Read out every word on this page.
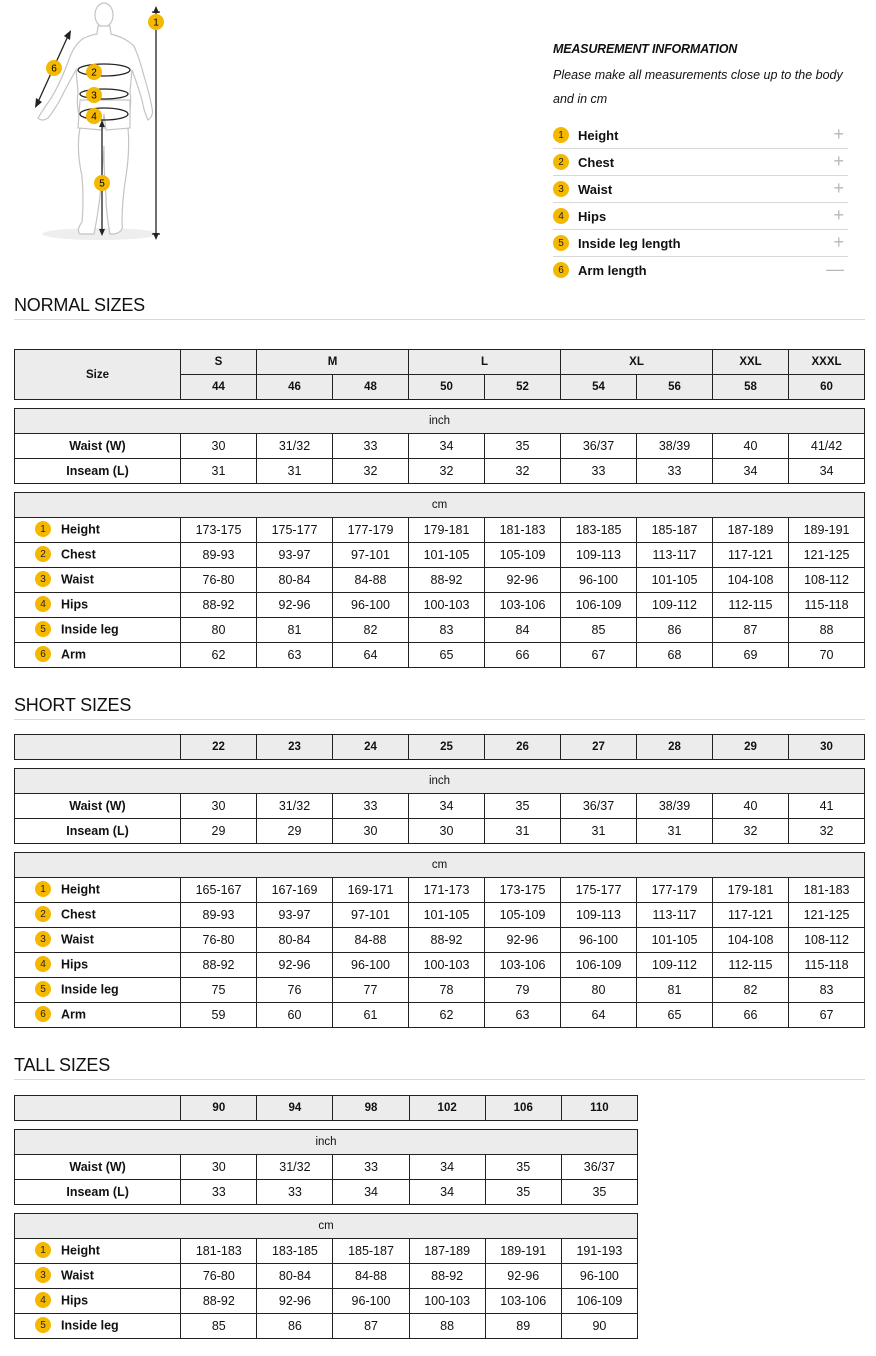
1
2
3
4
5
6

MEASUREMENT INFORMATION

Please make all measurements close up to the body and in cm

1	Height	+
2	Chest	+
3	Waist	+
4	Hips	+
5	Inside leg length	+
6	Arm length	—
NORMAL SIZES
SHORT SIZES
TALL SIZES
Size	S	M		L		XL		XXL	XXXL
	44	46	48	50	52	54	56	58	60
inch									
Waist (W)	30	31/32	33	34	35	36/37	38/39	40	41/42
Inseam (L)	31	31	32	32	32	33	33	34	34
cm									
1 Height	173-175	175-177	177-179	179-181	181-183	183-185	185-187	187-189	189-191
2 Chest	89-93	93-97	97-101	101-105	105-109	109-113	113-117	117-121	121-125
3 Waist	76-80	80-84	84-88	88-92	92-96	96-100	101-105	104-108	108-112
4 Hips	88-92	92-96	96-100	100-103	103-106	106-109	109-112	112-115	115-118
5 Inside leg	80	81	82	83	84	85	86	87	88
6 Arm	62	63	64	65	66	67	68	69	70
	22	23	24	25	26	27	28	29	30
inch									
Waist (W)	30	31/32	33	34	35	36/37	38/39	40	41
Inseam (L)	29	29	30	30	31	31	31	32	32
cm									
1 Height	165-167	167-169	169-171	171-173	173-175	175-177	177-179	179-181	181-183
2 Chest	89-93	93-97	97-101	101-105	105-109	109-113	113-117	117-121	121-125
3 Waist	76-80	80-84	84-88	88-92	92-96	96-100	101-105	104-108	108-112
4 Hips	88-92	92-96	96-100	100-103	103-106	106-109	109-112	112-115	115-118
5 Inside leg	75	76	77	78	79	80	81	82	83
6 Arm	59	60	61	62	63	64	65	66	67
	90	94	98	102	106	110
inch						
Waist (W)	30	31/32	33	34	35	36/37
Inseam (L)	33	33	34	34	35	35
cm						
1 Height	181-183	183-185	185-187	187-189	189-191	191-193
3 Waist	76-80	80-84	84-88	88-92	92-96	96-100
4 Hips	88-92	92-96	96-100	100-103	103-106	106-109
5 Inside leg	85	86	87	88	89	90
